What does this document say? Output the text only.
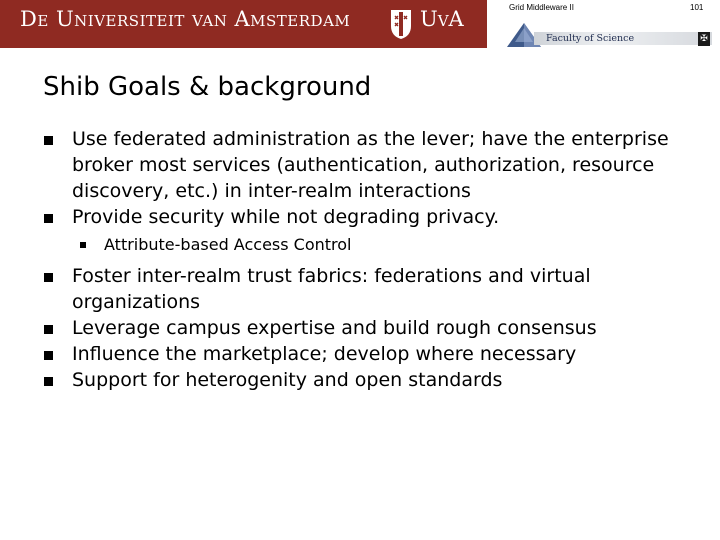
De Universiteit van Amsterdam	UvA	Grid Middleware II	101
Faculty of Science	✠
Shib Goals & background
Use federated administration as the lever; have the enterprise broker most services (authentication, authorization, resource discovery, etc.) in inter-realm interactions
Provide security while not degrading privacy.
Attribute-based Access Control
Foster inter-realm trust fabrics: federations and virtual organizations
Leverage campus expertise and build rough consensus
Influence the marketplace; develop where necessary
Support for heterogenity and open standards
